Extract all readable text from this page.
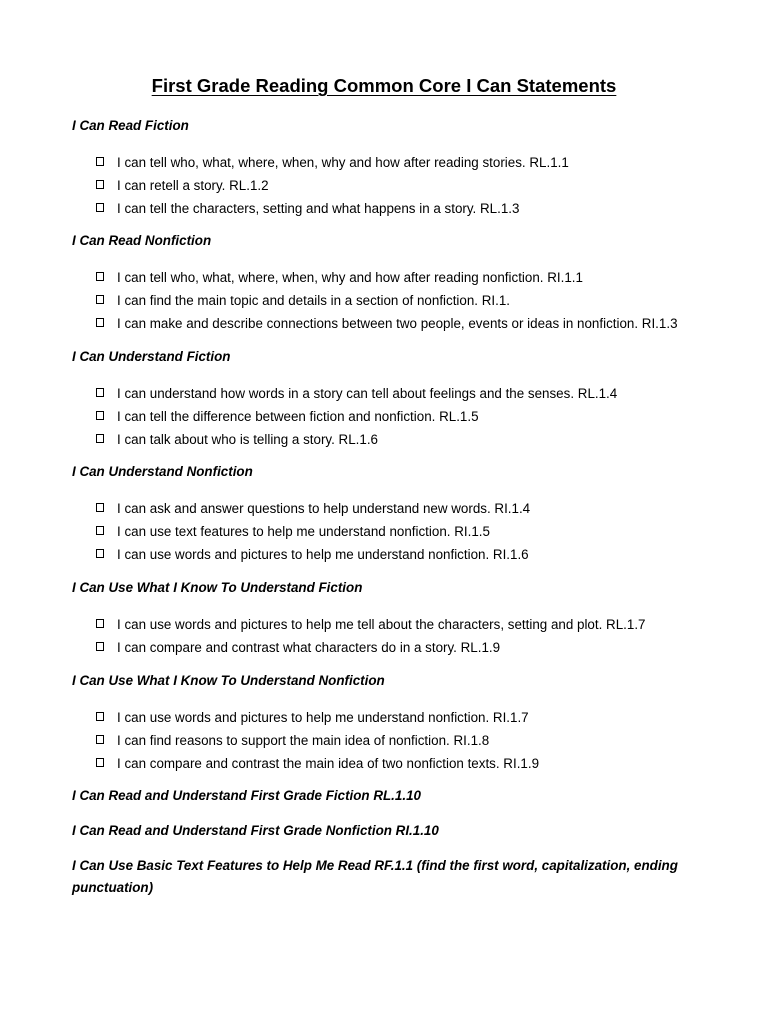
First Grade Reading Common Core I Can Statements

I Can Read Fiction

I can tell who, what, where, when, why and how after reading stories. RL.1.1
I can retell a story. RL.1.2
I can tell the characters, setting and what happens in a story. RL.1.3

I Can Read Nonfiction

I can tell who, what, where, when, why and how after reading nonfiction. RI.1.1
I can find the main topic and details in a section of nonfiction. RI.1.
I can make and describe connections between two people, events or ideas in nonfiction. RI.1.3

I Can Understand Fiction

I can understand how words in a story can tell about feelings and the senses. RL.1.4
I can tell the difference between fiction and nonfiction. RL.1.5
I can talk about who is telling a story. RL.1.6

I Can Understand Nonfiction

I can ask and answer questions to help understand new words. RI.1.4
I can use text features to help me understand nonfiction. RI.1.5
I can use words and pictures to help me understand nonfiction. RI.1.6

I Can Use What I Know To Understand Fiction

I can use words and pictures to help me tell about the characters, setting and plot. RL.1.7
I can compare and contrast what characters do in a story. RL.1.9

I Can Use What I Know To Understand Nonfiction

I can use words and pictures to help me understand nonfiction. RI.1.7
I can find reasons to support the main idea of nonfiction. RI.1.8
I can compare and contrast the main idea of two nonfiction texts. RI.1.9

I Can Read and Understand First Grade Fiction RL.1.10

I Can Read and Understand First Grade Nonfiction RI.1.10

I Can Use Basic Text Features to Help Me Read RF.1.1 (find the first word, capitalization, ending punctuation)
